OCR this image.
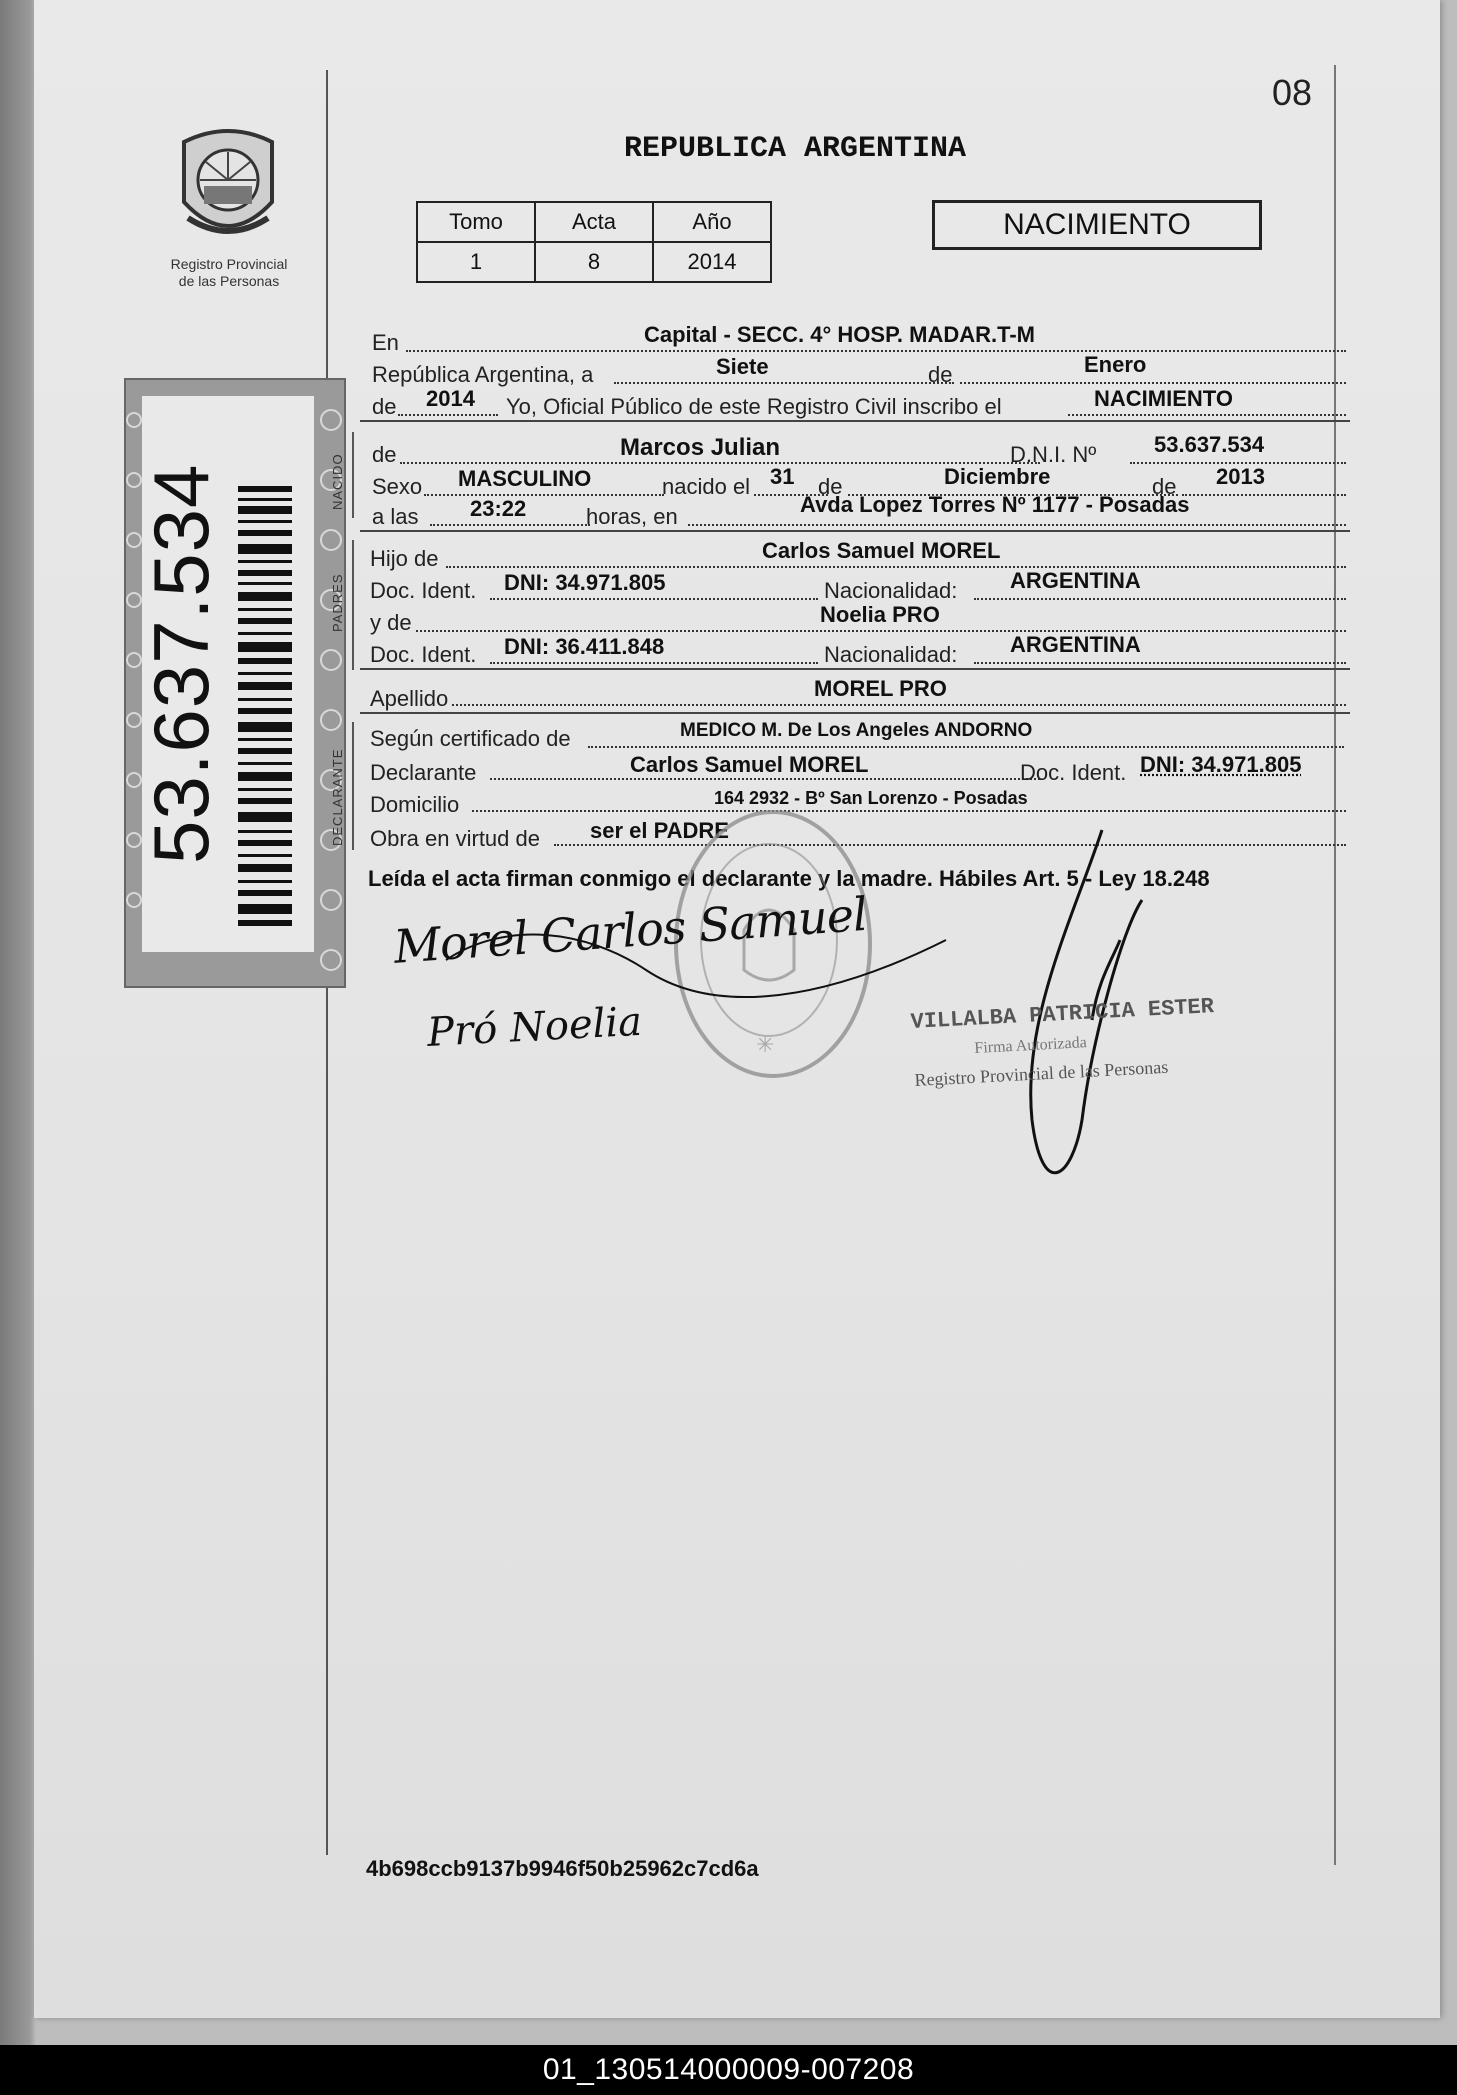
08
Registro Provincial
de las Personas
53.637.534
REPUBLICA ARGENTINA
Tomo	Acta	Año
1	8	2014
NACIMIENTO
En	Capital - SECC. 4° HOSP. MADAR.T-M
República Argentina, a	Siete	de	Enero
de 2014 Yo, Oficial Público de este Registro Civil inscribo el	NACIMIENTO
NACIDO de	Marcos Julian	D.N.I. Nº	53.637.534
Sexo MASCULINO	nacido el 31 de	Diciembre	de 2013
a las 23:22	horas, en	Avda Lopez Torres Nº 1177 - Posadas
PADRES
Hijo de	Carlos Samuel MOREL
Doc. Ident. DNI: 34.971.805	Nacionalidad: ARGENTINA
y de	Noelia PRO
Doc. Ident. DNI: 36.411.848	Nacionalidad: ARGENTINA
Apellido	MOREL PRO
DECLARANTE
Según certificado de	MEDICO M. De Los Angeles ANDORNO
Declarante	Carlos Samuel MOREL	Doc. Ident. DNI: 34.971.805
Domicilio	164 2932 - Bº San Lorenzo - Posadas
Obra en virtud de ser el PADRE
Leída el acta firman conmigo el declarante y la madre. Hábiles Art. 5 - Ley 18.248
✳
Morel Carlos Samuel
Pró Noelia	VILLALBA PATRICIA ESTER
Firma Autorizada
Registro Provincial de las Personas
4b698ccb9137b9946f50b25962c7cd6a
01_130514000009-007208
